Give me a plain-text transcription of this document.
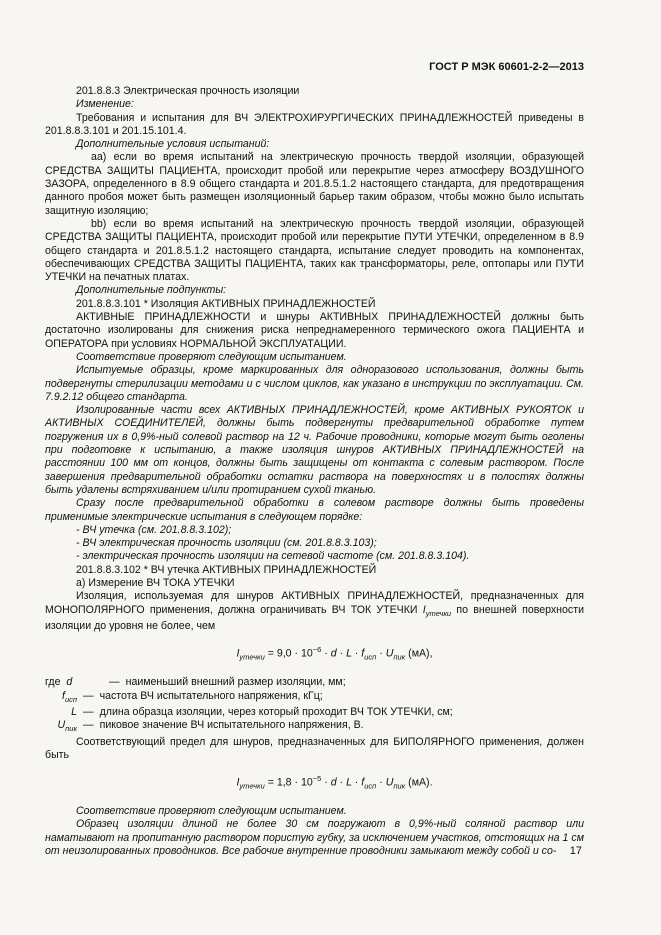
ГОСТ Р МЭК 60601-2-2—2013

201.8.8.3 Электрическая прочность изоляции

Изменение:

Требования и испытания для ВЧ ЭЛЕКТРОХИРУРГИЧЕСКИХ ПРИНАДЛЕЖНОСТЕЙ приведены в 201.8.8.3.101 и 201.15.101.4.

Дополнительные условия испытаний:

аа) если во время испытаний на электрическую прочность твердой изоляции, образующей СРЕДСТВА ЗАЩИТЫ ПАЦИЕНТА, происходит пробой или перекрытие через атмосферу ВОЗДУШНОГО ЗАЗОРА, определенного в 8.9 общего стандарта и 201.8.5.1.2 настоящего стандарта, для предотвращения данного пробоя может быть размещен изоляционный барьер таким образом, чтобы можно было испытать защитную изоляцию;

bb) если во время испытаний на электрическую прочность твердой изоляции, образующей СРЕДСТВА ЗАЩИТЫ ПАЦИЕНТА, происходит пробой или перекрытие ПУТИ УТЕЧКИ, определенном в 8.9 общего стандарта и 201.8.5.1.2 настоящего стандарта, испытание следует проводить на компонентах, обеспечивающих СРЕДСТВА ЗАЩИТЫ ПАЦИЕНТА, таких как трансформаторы, реле, оптопары или ПУТИ УТЕЧКИ на печатных платах.

Дополнительные подпункты:

201.8.8.3.101 * Изоляция АКТИВНЫХ ПРИНАДЛЕЖНОСТЕЙ

АКТИВНЫЕ ПРИНАДЛЕЖНОСТИ и шнуры АКТИВНЫХ ПРИНАДЛЕЖНОСТЕЙ должны быть достаточно изолированы для снижения риска непреднамеренного термического ожога ПАЦИЕНТА и ОПЕРАТОРА при условиях НОРМАЛЬНОЙ ЭКСПЛУАТАЦИИ.

Соответствие проверяют следующим испытанием.

Испытуемые образцы, кроме маркированных для одноразового использования, должны быть подвергнуты стерилизации методами и с числом циклов, как указано в инструкции по эксплуатации. См. 7.9.2.12 общего стандарта.

Изолированные части всех АКТИВНЫХ ПРИНАДЛЕЖНОСТЕЙ, кроме АКТИВНЫХ РУКОЯТОК и АКТИВНЫХ СОЕДИНИТЕЛЕЙ, должны быть подвергнуты предварительной обработке путем погружения их в 0,9%-ный солевой раствор на 12 ч. Рабочие проводники, которые могут быть оголены при подготовке к испытанию, а также изоляция шнуров АКТИВНЫХ ПРИНАДЛЕЖНОСТЕЙ на расстоянии 100 мм от концов, должны быть защищены от контакта с солевым раствором. После завершения предварительной обработки остатки раствора на поверхностях и в полостях должны быть удалены встряхиванием и/или протиранием сухой тканью.

Сразу после предварительной обработки в солевом растворе должны быть проведены применимые электрические испытания в следующем порядке:

- ВЧ утечка (см. 201.8.8.3.102);

- ВЧ электрическая прочность изоляции (см. 201.8.8.3.103);

- электрическая прочность изоляции на сетевой частоте (см. 201.8.8.3.104).

201.8.8.3.102 * ВЧ утечка АКТИВНЫХ ПРИНАДЛЕЖНОСТЕЙ

а) Измерение ВЧ ТОКА УТЕЧКИ

Изоляция, используемая для шнуров АКТИВНЫХ ПРИНАДЛЕЖНОСТЕЙ, предназначенных для МОНОПОЛЯРНОГО применения, должна ограничивать ВЧ ТОК УТЕЧКИ $I_{утечки}$ по внешней поверхности изоляции до уровня не более, чем

$I_{утечки} = 9,0 \cdot 10^{-6} \cdot d \cdot L \cdot f_{исп} \cdot U_{пик}$ (мА),

где d	— наименьший внешний размер изоляции, мм;
$f_{исп}$ — частота ВЧ испытательного напряжения, кГц;
L — длина образца изоляции, через который проходит ВЧ ТОК УТЕЧКИ, см;
$U_{пик}$ — пиковое значение ВЧ испытательного напряжения, В.

Соответствующий предел для шнуров, предназначенных для БИПОЛЯРНОГО применения, должен быть

$I_{утечки} = 1,8 \cdot 10^{-5} \cdot d \cdot L \cdot f_{исп} \cdot U_{пик}$ (мА).

Соответствие проверяют следующим испытанием.

Образец изоляции длиной не более 30 см погружают в 0,9%-ный соляной раствор или наматывают на пропитанную раствором пористую губку, за исключением участков, отстоящих на 1 см от неизолированных проводников. Все рабочие внутренние проводники замыкают между собой и со-	17
